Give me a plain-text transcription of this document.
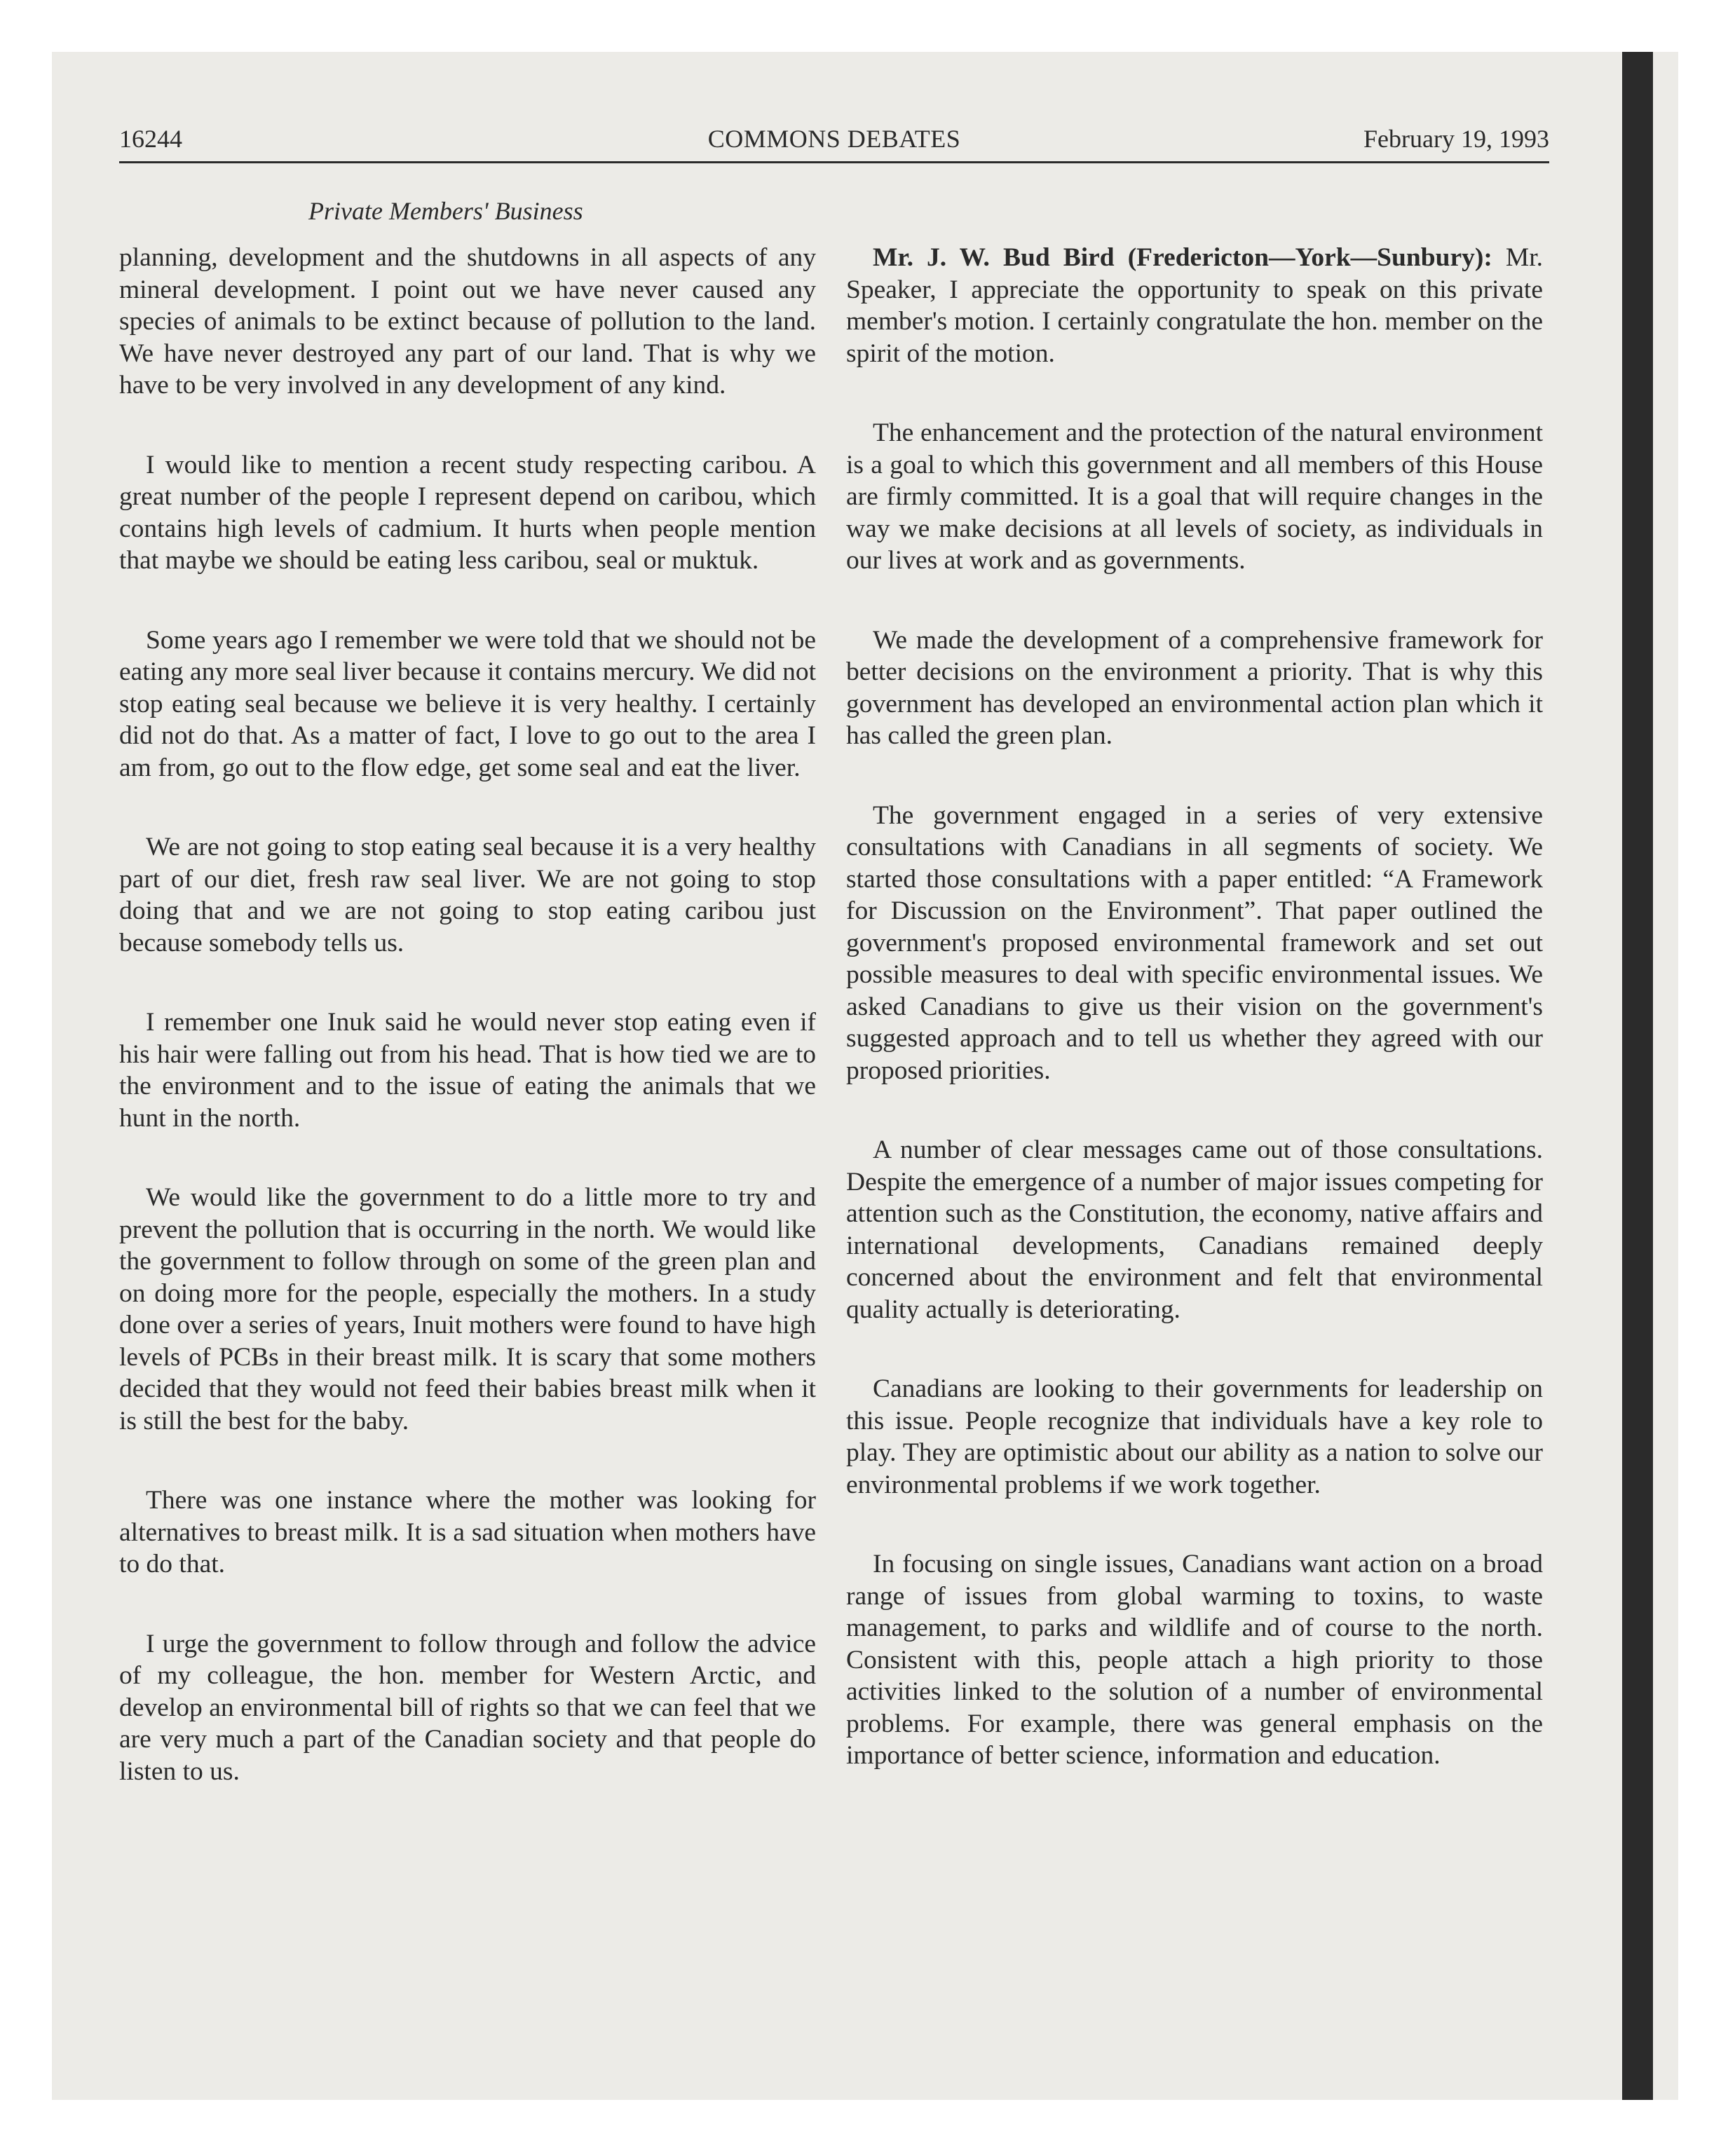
16244	COMMONS DEBATES	February 19, 1993
Private Members' Business

planning, development and the shutdowns in all aspects of any mineral development. I point out we have never caused any species of animals to be extinct because of pollution to the land. We have never destroyed any part of our land. That is why we have to be very involved in any development of any kind.

I would like to mention a recent study respecting caribou. A great number of the people I represent depend on caribou, which contains high levels of cadmium. It hurts when people mention that maybe we should be eating less caribou, seal or muktuk.

Some years ago I remember we were told that we should not be eating any more seal liver because it contains mercury. We did not stop eating seal because we believe it is very healthy. I certainly did not do that. As a matter of fact, I love to go out to the area I am from, go out to the flow edge, get some seal and eat the liver.

We are not going to stop eating seal because it is a very healthy part of our diet, fresh raw seal liver. We are not going to stop doing that and we are not going to stop eating caribou just because somebody tells us.

I remember one Inuk said he would never stop eating even if his hair were falling out from his head. That is how tied we are to the environment and to the issue of eating the animals that we hunt in the north.

We would like the government to do a little more to try and prevent the pollution that is occurring in the north. We would like the government to follow through on some of the green plan and on doing more for the people, especially the mothers. In a study done over a series of years, Inuit mothers were found to have high levels of PCBs in their breast milk. It is scary that some mothers decided that they would not feed their babies breast milk when it is still the best for the baby.

There was one instance where the mother was looking for alternatives to breast milk. It is a sad situation when mothers have to do that.

I urge the government to follow through and follow the advice of my colleague, the hon. member for Western Arctic, and develop an environmental bill of rights so that we can feel that we are very much a part of the Canadian society and that people do listen to us.

Mr. J. W. Bud Bird (Fredericton—York—Sunbury): Mr. Speaker, I appreciate the opportunity to speak on this private member's motion. I certainly congratulate the hon. member on the spirit of the motion.

The enhancement and the protection of the natural environment is a goal to which this government and all members of this House are firmly committed. It is a goal that will require changes in the way we make decisions at all levels of society, as individuals in our lives at work and as governments.

We made the development of a comprehensive framework for better decisions on the environment a priority. That is why this government has developed an environmental action plan which it has called the green plan.

The government engaged in a series of very extensive consultations with Canadians in all segments of society. We started those consultations with a paper entitled: “A Framework for Discussion on the Environment”. That paper outlined the government's proposed environmental framework and set out possible measures to deal with specific environmental issues. We asked Canadians to give us their vision on the government's suggested approach and to tell us whether they agreed with our proposed priorities.

A number of clear messages came out of those consultations. Despite the emergence of a number of major issues competing for attention such as the Constitution, the economy, native affairs and international developments, Canadians remained deeply concerned about the environment and felt that environmental quality actually is deteriorating.

Canadians are looking to their governments for leadership on this issue. People recognize that individuals have a key role to play. They are optimistic about our ability as a nation to solve our environmental problems if we work together.

In focusing on single issues, Canadians want action on a broad range of issues from global warming to toxins, to waste management, to parks and wildlife and of course to the north. Consistent with this, people attach a high priority to those activities linked to the solution of a number of environmental problems. For example, there was general emphasis on the importance of better science, information and education.
